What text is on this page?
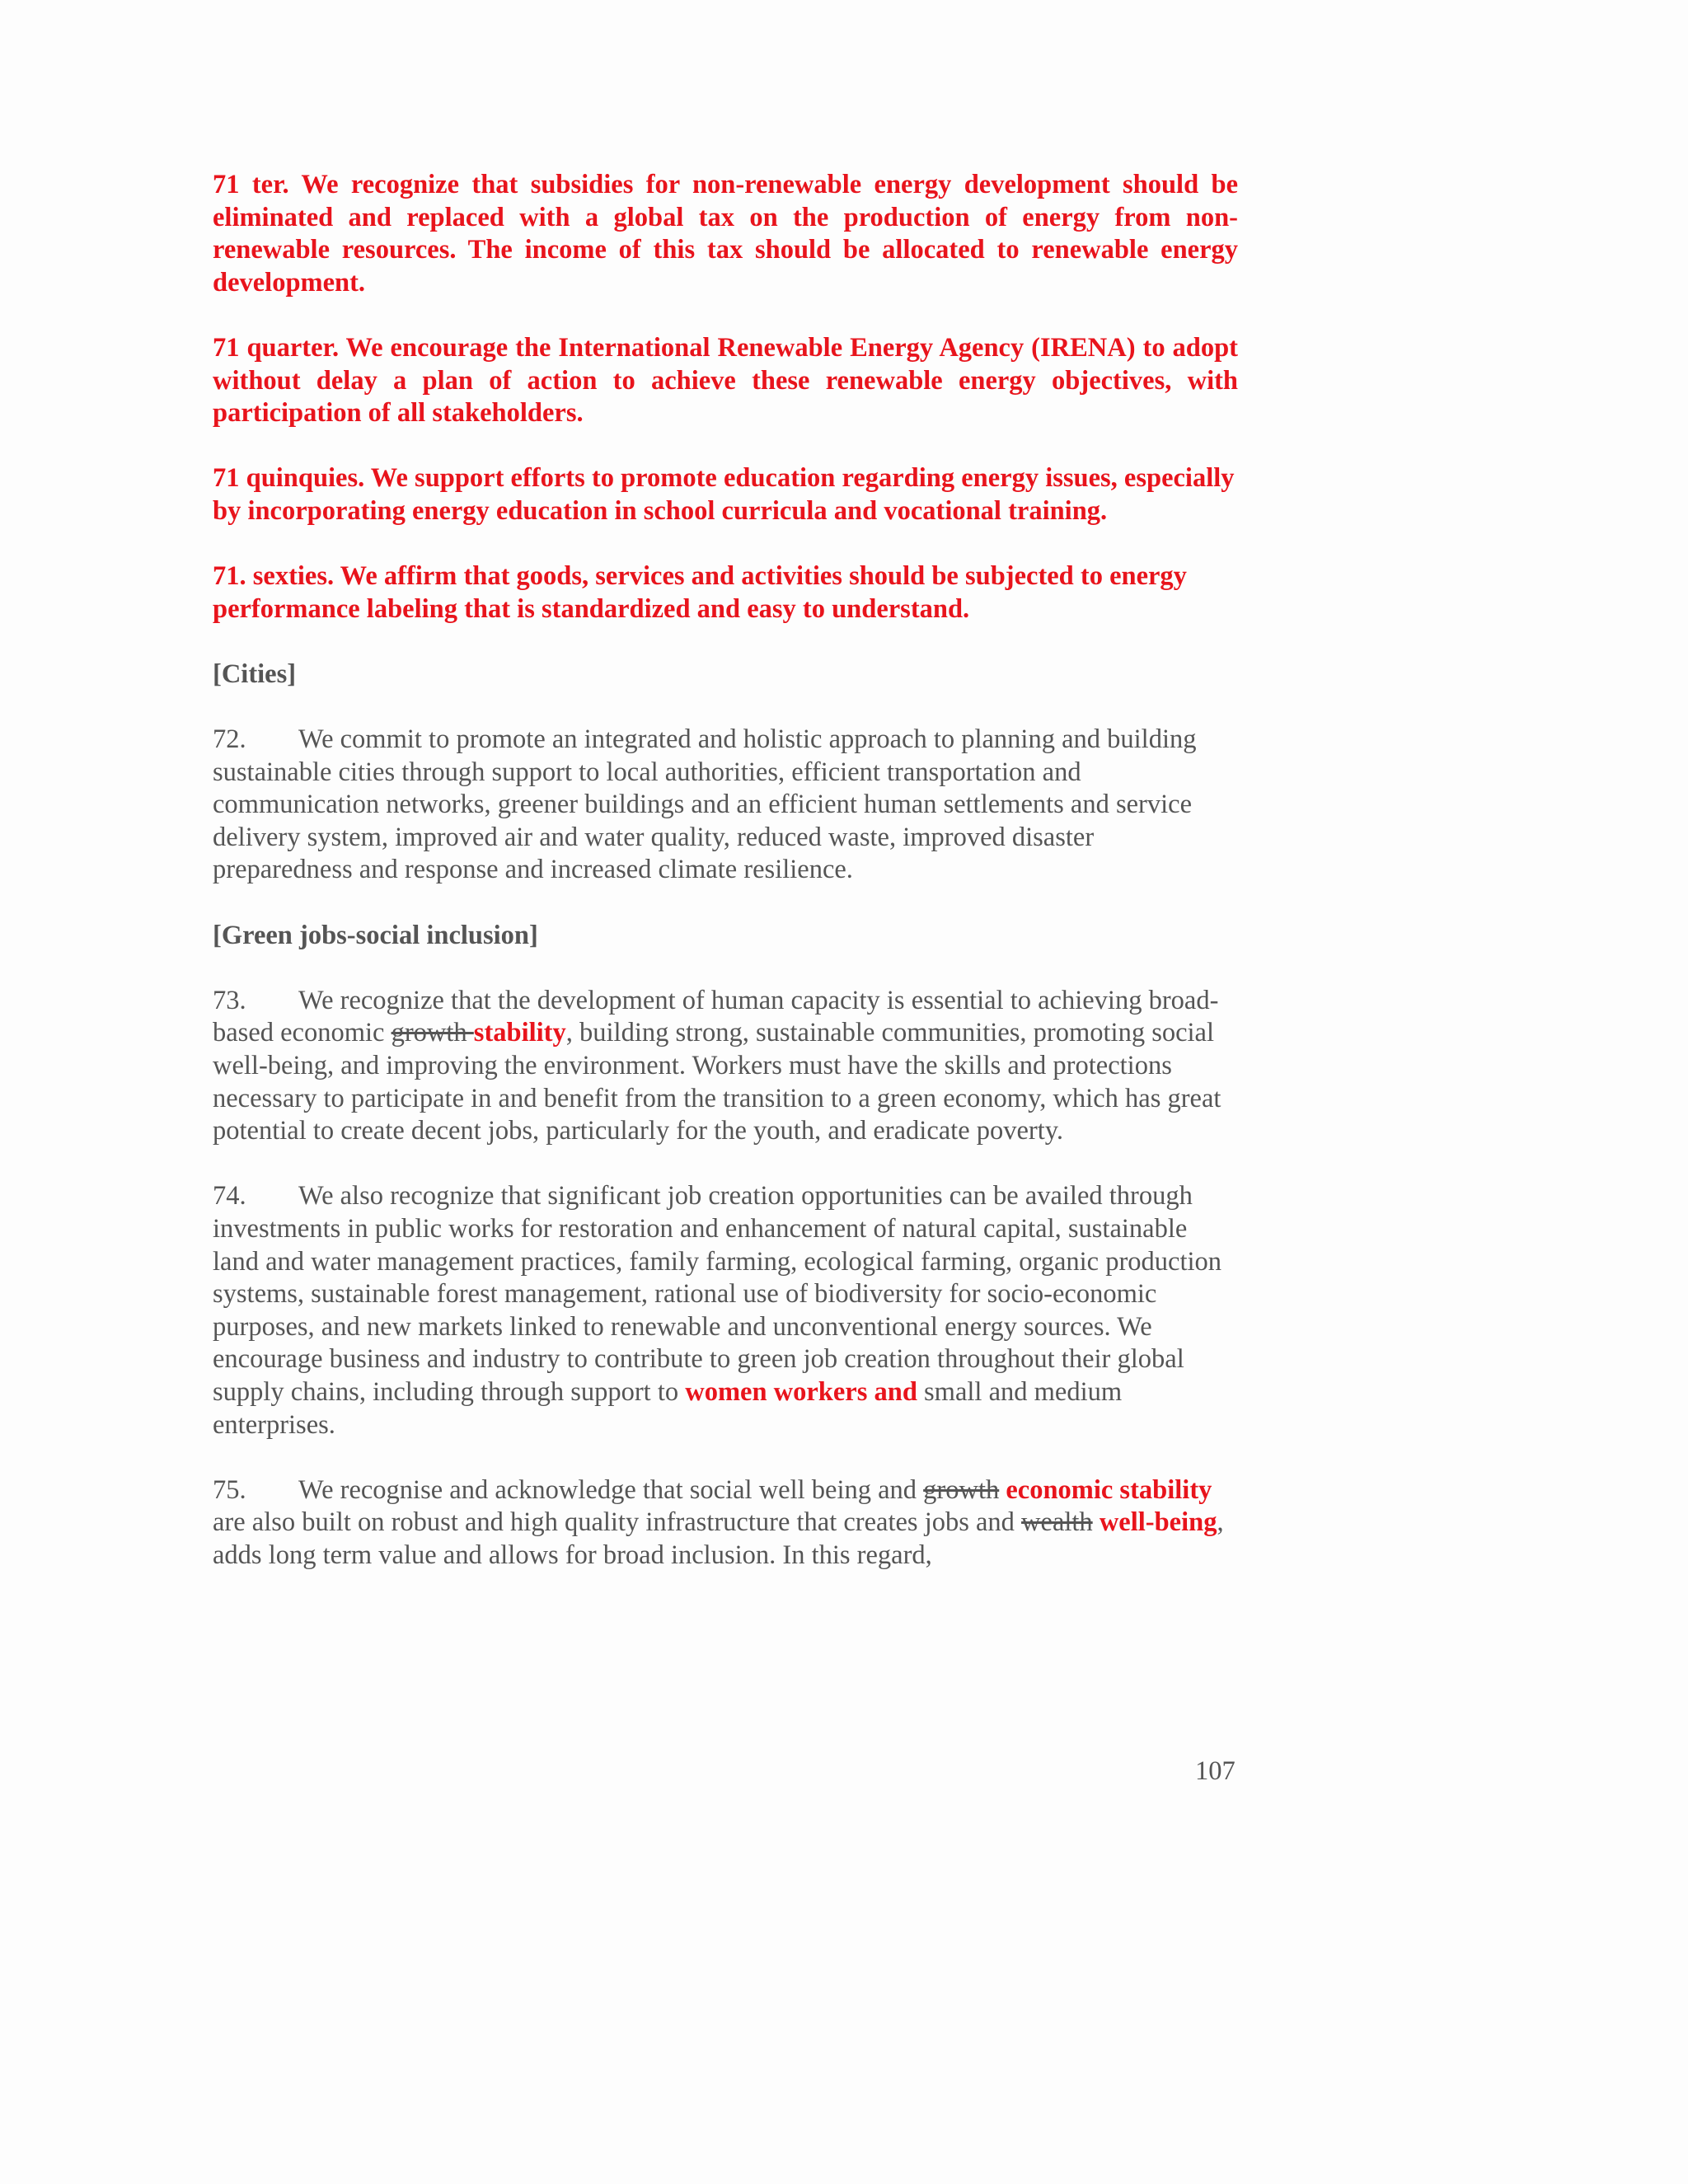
71 ter. We recognize that subsidies for non-renewable energy development should be eliminated and replaced with a global tax on the production of energy from non-renewable resources. The income of this tax should be allocated to renewable energy development.

71 quarter. We encourage the International Renewable Energy Agency (IRENA) to adopt without delay a plan of action to achieve these renewable energy objectives, with participation of all stakeholders.

71 quinquies. We support efforts to promote education regarding energy issues, especially by incorporating energy education in school curricula and vocational training.

71. sexties. We affirm that goods, services and activities should be subjected to energy performance labeling that is standardized and easy to understand.

[Cities]

72. We commit to promote an integrated and holistic approach to planning and building sustainable cities through support to local authorities, efficient transportation and communication networks, greener buildings and an efficient human settlements and service delivery system, improved air and water quality, reduced waste, improved disaster preparedness and response and increased climate resilience.

[Green jobs-social inclusion]

73. We recognize that the development of human capacity is essential to achieving broad-based economic growth stability, building strong, sustainable communities, promoting social well-being, and improving the environment. Workers must have the skills and protections necessary to participate in and benefit from the transition to a green economy, which has great potential to create decent jobs, particularly for the youth, and eradicate poverty.

74. We also recognize that significant job creation opportunities can be availed through investments in public works for restoration and enhancement of natural capital, sustainable land and water management practices, family farming, ecological farming, organic production systems, sustainable forest management, rational use of biodiversity for socio-economic purposes, and new markets linked to renewable and unconventional energy sources. We encourage business and industry to contribute to green job creation throughout their global supply chains, including through support to women workers and small and medium enterprises.

75. We recognise and acknowledge that social well being and growth economic stability are also built on robust and high quality infrastructure that creates jobs and wealth well-being, adds long term value and allows for broad inclusion. In this regard,

107
